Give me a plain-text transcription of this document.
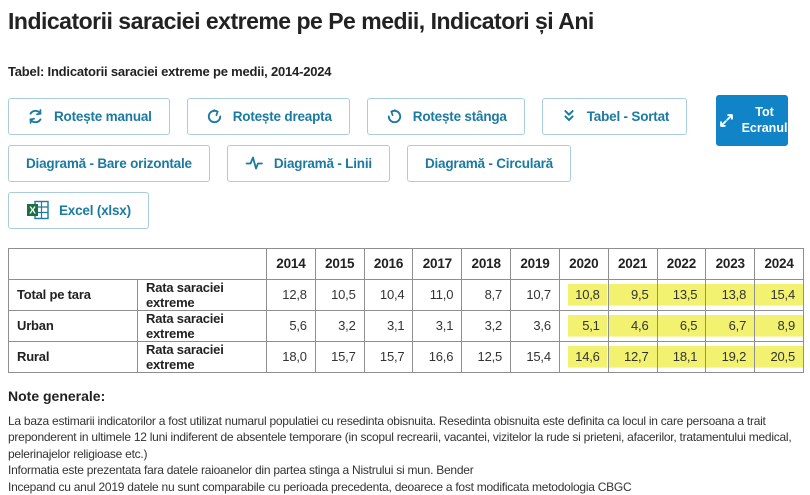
Indicatorii saraciei extreme pe Pe medii, Indicatori și Ani
Tabel: Indicatorii saraciei extreme pe medii, 2014-2024
Rotește manual	Rotește dreapta	Rotește stânga	Tabel - Sortat	Tot Ecranul
Diagramă - Bare orizontale	Diagramă - Linii	Diagramă - Circulară
X Excel (xlsx)
		2014	2015	2016	2017	2018	2019	2020	2021	2022	2023	2024
Total pe tara	Rata saraciei extreme	12,8	10,5	10,4	11,0	8,7	10,7	10,8	9,5	13,5	13,8	15,4
Urban	Rata saraciei extreme	5,6	3,2	3,1	3,1	3,2	3,6	5,1	4,6	6,5	6,7	8,9
Rural	Rata saraciei extreme	18,0	15,7	15,7	16,6	12,5	15,4	14,6	12,7	18,1	19,2	20,5
Note generale:

La baza estimarii indicatorilor a fost utilizat numarul populatiei cu resedinta obisnuita. Resedinta obisnuita este definita ca locul in care persoana a trait preponderent in ultimele 12 luni indiferent de absentele temporare (in scopul recrearii, vacantei, vizitelor la rude si prieteni, afacerilor, tratamentului medical, pelerinajelor religioase etc.)

Informatia este prezentata fara datele raioanelor din partea stinga a Nistrului si mun. Bender

Incepand cu anul 2019 datele nu sunt comparabile cu perioada precedenta, deoarece a fost modificata metodologia CBGC
